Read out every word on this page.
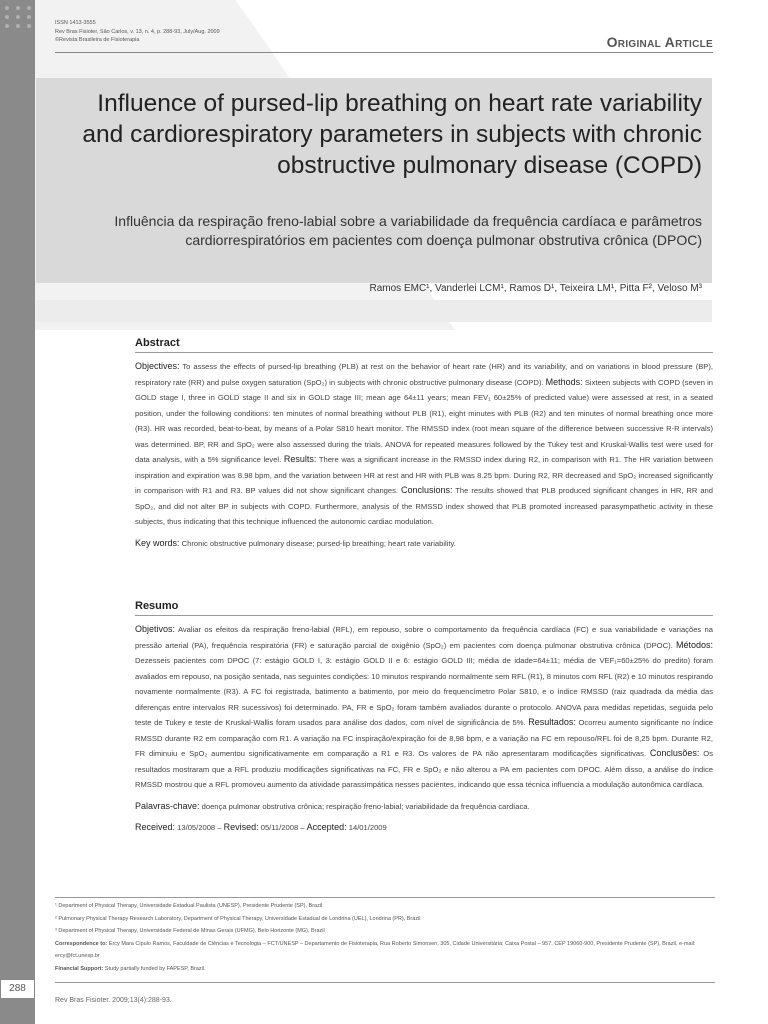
288
ISSN 1413-3555
Rev Bras Fisioter, São Carlos, v. 13, n. 4, p. 288-93, July/Aug. 2009
©Revista Brasileira de Fisioterapia	Original Article
Influence of pursed-lip breathing on heart rate variability and cardiorespiratory parameters in subjects with chronic obstructive pulmonary disease (COPD)
Influência da respiração freno-labial sobre a variabilidade da frequência cardíaca e parâmetros cardiorrespiratórios em pacientes com doença pulmonar obstrutiva crônica (DPOC)
Ramos EMC¹, Vanderlei LCM¹, Ramos D¹, Teixeira LM¹, Pitta F², Veloso M³
Abstract
Objectives: To assess the effects of pursed-lip breathing (PLB) at rest on the behavior of heart rate (HR) and its variability, and on variations in blood pressure (BP), respiratory rate (RR) and pulse oxygen saturation (SpO₂) in subjects with chronic obstructive pulmonary disease (COPD). Methods: Sixteen subjects with COPD (seven in GOLD stage I, three in GOLD stage II and six in GOLD stage III; mean age 64±11 years; mean FEV₁ 60±25% of predicted value) were assessed at rest, in a seated position, under the following conditions: ten minutes of normal breathing without PLB (R1), eight minutes with PLB (R2) and ten minutes of normal breathing once more (R3). HR was recorded, beat-to-beat, by means of a Polar S810 heart monitor. The RMSSD index (root mean square of the difference between successive R-R intervals) was determined. BP, RR and SpO₂ were also assessed during the trials. ANOVA for repeated measures followed by the Tukey test and Kruskal-Wallis test were used for data analysis, with a 5% significance level. Results: There was a significant increase in the RMSSD index during R2, in comparison with R1. The HR variation between inspiration and expiration was 8.98 bpm, and the variation between HR at rest and HR with PLB was 8.25 bpm. During R2, RR decreased and SpO₂ increased significantly in comparison with R1 and R3. BP values did not show significant changes. Conclusions: The results showed that PLB produced significant changes in HR, RR and SpO₂, and did not alter BP in subjects with COPD. Furthermore, analysis of the RMSSD index showed that PLB promoted increased parasympathetic activity in these subjects, thus indicating that this technique influenced the autonomic cardiac modulation.
Key words: Chronic obstructive pulmonary disease; pursed-lip breathing; heart rate variability.
Resumo
Objetivos: Avaliar os efeitos da respiração freno-labial (RFL), em repouso, sobre o comportamento da frequência cardíaca (FC) e sua variabilidade e variações na pressão arterial (PA), frequência respiratória (FR) e saturação parcial de oxigênio (SpO₂) em pacientes com doença pulmonar obstrutiva crônica (DPOC). Métodos: Dezesseis pacientes com DPOC (7: estágio GOLD I, 3: estágio GOLD II e 6: estágio GOLD III; média de idade=64±11; média de VEF₁=60±25% do predito) foram avaliados em repouso, na posição sentada, nas seguintes condições: 10 minutos respirando normalmente sem RFL (R1), 8 minutos com RFL (R2) e 10 minutos respirando novamente normalmente (R3). A FC foi registrada, batimento a batimento, por meio do frequencímetro Polar S810, e o índice RMSSD (raiz quadrada da média das diferenças entre intervalos RR sucessivos) foi determinado. PA, FR e SpO₂ foram também avaliados durante o protocolo. ANOVA para medidas repetidas, seguida pelo teste de Tukey e teste de Kruskal-Wallis foram usados para análise dos dados, com nível de significância de 5%. Resultados: Ocorreu aumento significante no índice RMSSD durante R2 em comparação com R1. A variação na FC inspiração/expiração foi de 8,98 bpm, e a variação na FC em repouso/RFL foi de 8,25 bpm. Durante R2, FR diminuiu e SpO₂ aumentou significativamente em comparação a R1 e R3. Os valores de PA não apresentaram modificações significativas. Conclusões: Os resultados mostraram que a RFL produziu modificações significativas na FC, FR e SpO₂ e não alterou a PA em pacientes com DPOC. Além disso, a análise do índice RMSSD mostrou que a RFL promoveu aumento da atividade parassimpática nesses pacientes, indicando que essa técnica influencia a modulação autonômica cardíaca.
Palavras-chave: doença pulmonar obstrutiva crônica; respiração freno-labial; variabilidade da frequência cardíaca.
Received: 13/05/2008 – Revised: 05/11/2008 – Accepted: 14/01/2009
¹ Department of Physical Therapy, Universidade Estadual Paulista (UNESP), Presidente Prudente (SP), Brazil
² Pulmonary Physical Therapy Research Laboratory, Department of Physical Therapy, Universidade Estadual de Londrina (UEL), Londrina (PR), Brazil
³ Department of Physical Therapy, Universidade Federal de Minas Gerais (UFMG), Belo Horizonte (MG), Brazil
Correspondence to: Ercy Mara Cipulo Ramos, Faculdade de Ciências e Tecnologia – FCT/UNESP – Departamento de Fisioterapia, Rua Roberto Simonsen, 305, Cidade Universitária; Caixa Postal – 957, CEP 19060-900, Presidente Prudente (SP), Brazil, e-mail: ercy@fct.unesp.br
Financial Support: Study partially funded by FAPESP, Brazil.
Rev Bras Fisioter. 2009;13(4):288-93.
